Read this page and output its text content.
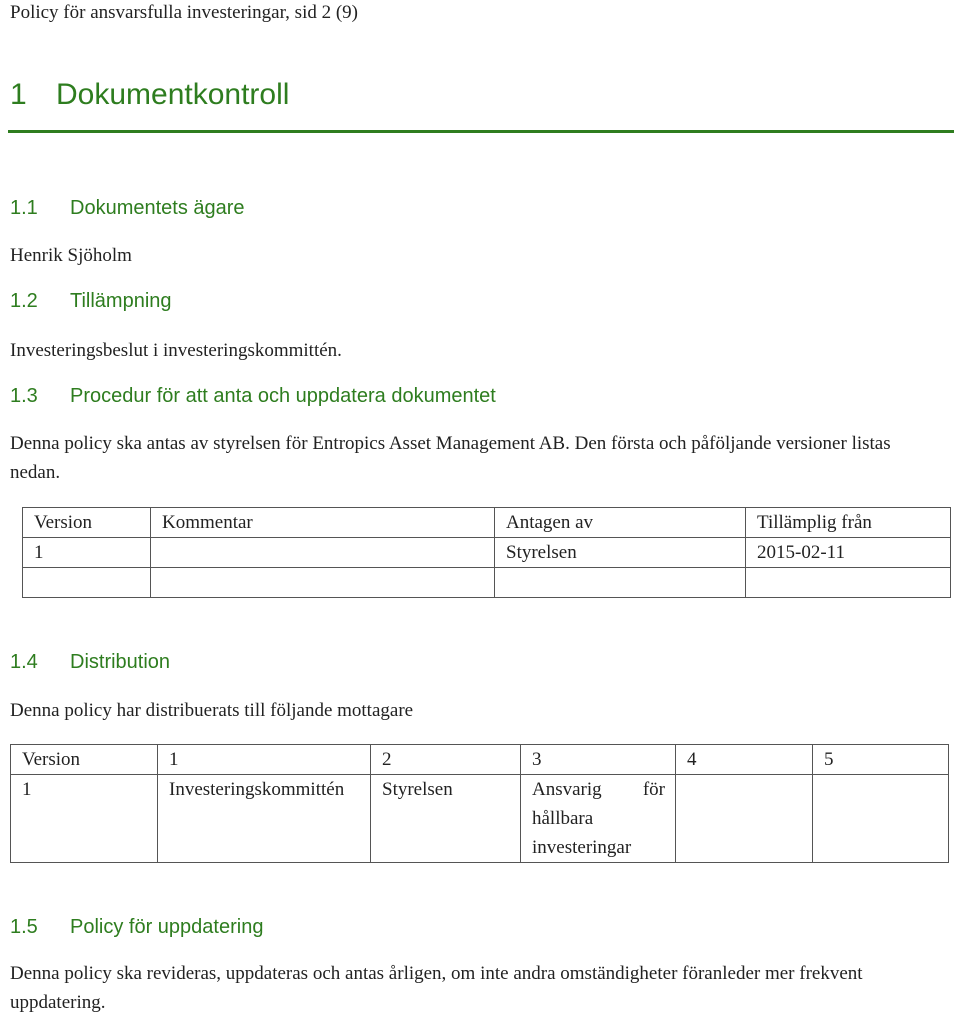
Policy för ansvarsfulla investeringar, sid 2 (9)
1 Dokumentkontroll
1.1 Dokumentets ägare
Henrik Sjöholm
1.2 Tillämpning
Investeringsbeslut i investeringskommittén.
1.3 Procedur för att anta och uppdatera dokumentet
Denna policy ska antas av styrelsen för Entropics Asset Management AB. Den första och påföljande versioner listas
nedan.
Version	Kommentar	Antagen av	Tillämplig från
1		Styrelsen	2015-02-11

1.4 Distribution
Denna policy har distribuerats till följande mottagare
Version	1	2	3	4	5
1	Investeringskommittén	Styrelsen	Ansvarig för
hållbara
investeringar		

1.5 Policy för uppdatering
Denna policy ska revideras, uppdateras och antas årligen, om inte andra omständigheter föranleder mer frekvent
uppdatering.
